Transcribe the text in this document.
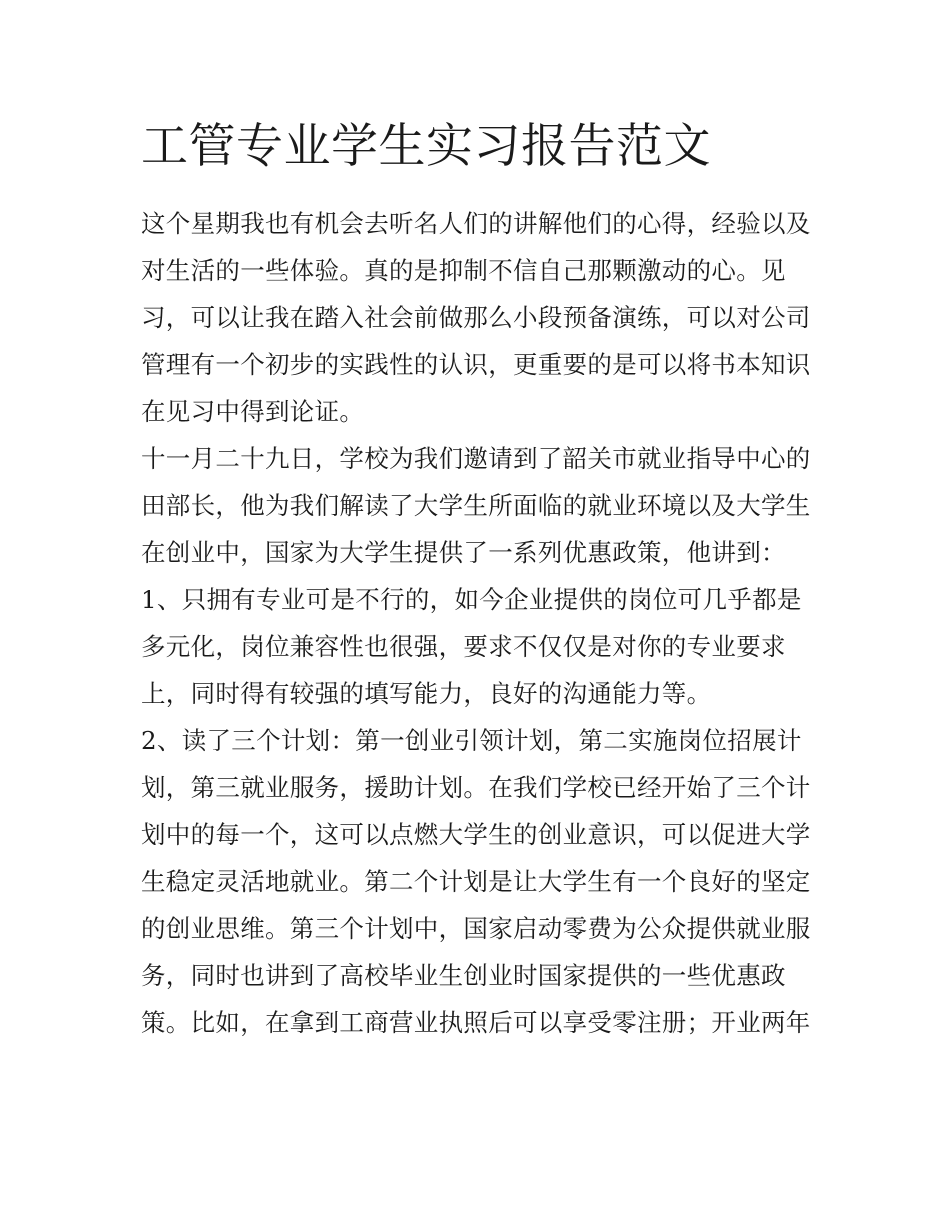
工管专业学生实习报告范文
这个星期我也有机会去听名人们的讲解他们的心得，经验以及
对生活的一些体验。真的是抑制不信自己那颗激动的心。见
习，可以让我在踏入社会前做那么小段预备演练，可以对公司
管理有一个初步的实践性的认识，更重要的是可以将书本知识
在见习中得到论证。
十一月二十九日，学校为我们邀请到了韶关市就业指导中心的
田部长，他为我们解读了大学生所面临的就业环境以及大学生
在创业中，国家为大学生提供了一系列优惠政策，他讲到：
1、只拥有专业可是不行的，如今企业提供的岗位可几乎都是
多元化，岗位兼容性也很强，要求不仅仅是对你的专业要求
上，同时得有较强的填写能力，良好的沟通能力等。
2、读了三个计划：第一创业引领计划，第二实施岗位招展计
划，第三就业服务，援助计划。在我们学校已经开始了三个计
划中的每一个，这可以点燃大学生的创业意识，可以促进大学
生稳定灵活地就业。第二个计划是让大学生有一个良好的坚定
的创业思维。第三个计划中，国家启动零费为公众提供就业服
务，同时也讲到了高校毕业生创业时国家提供的一些优惠政
策。比如，在拿到工商营业执照后可以享受零注册；开业两年
